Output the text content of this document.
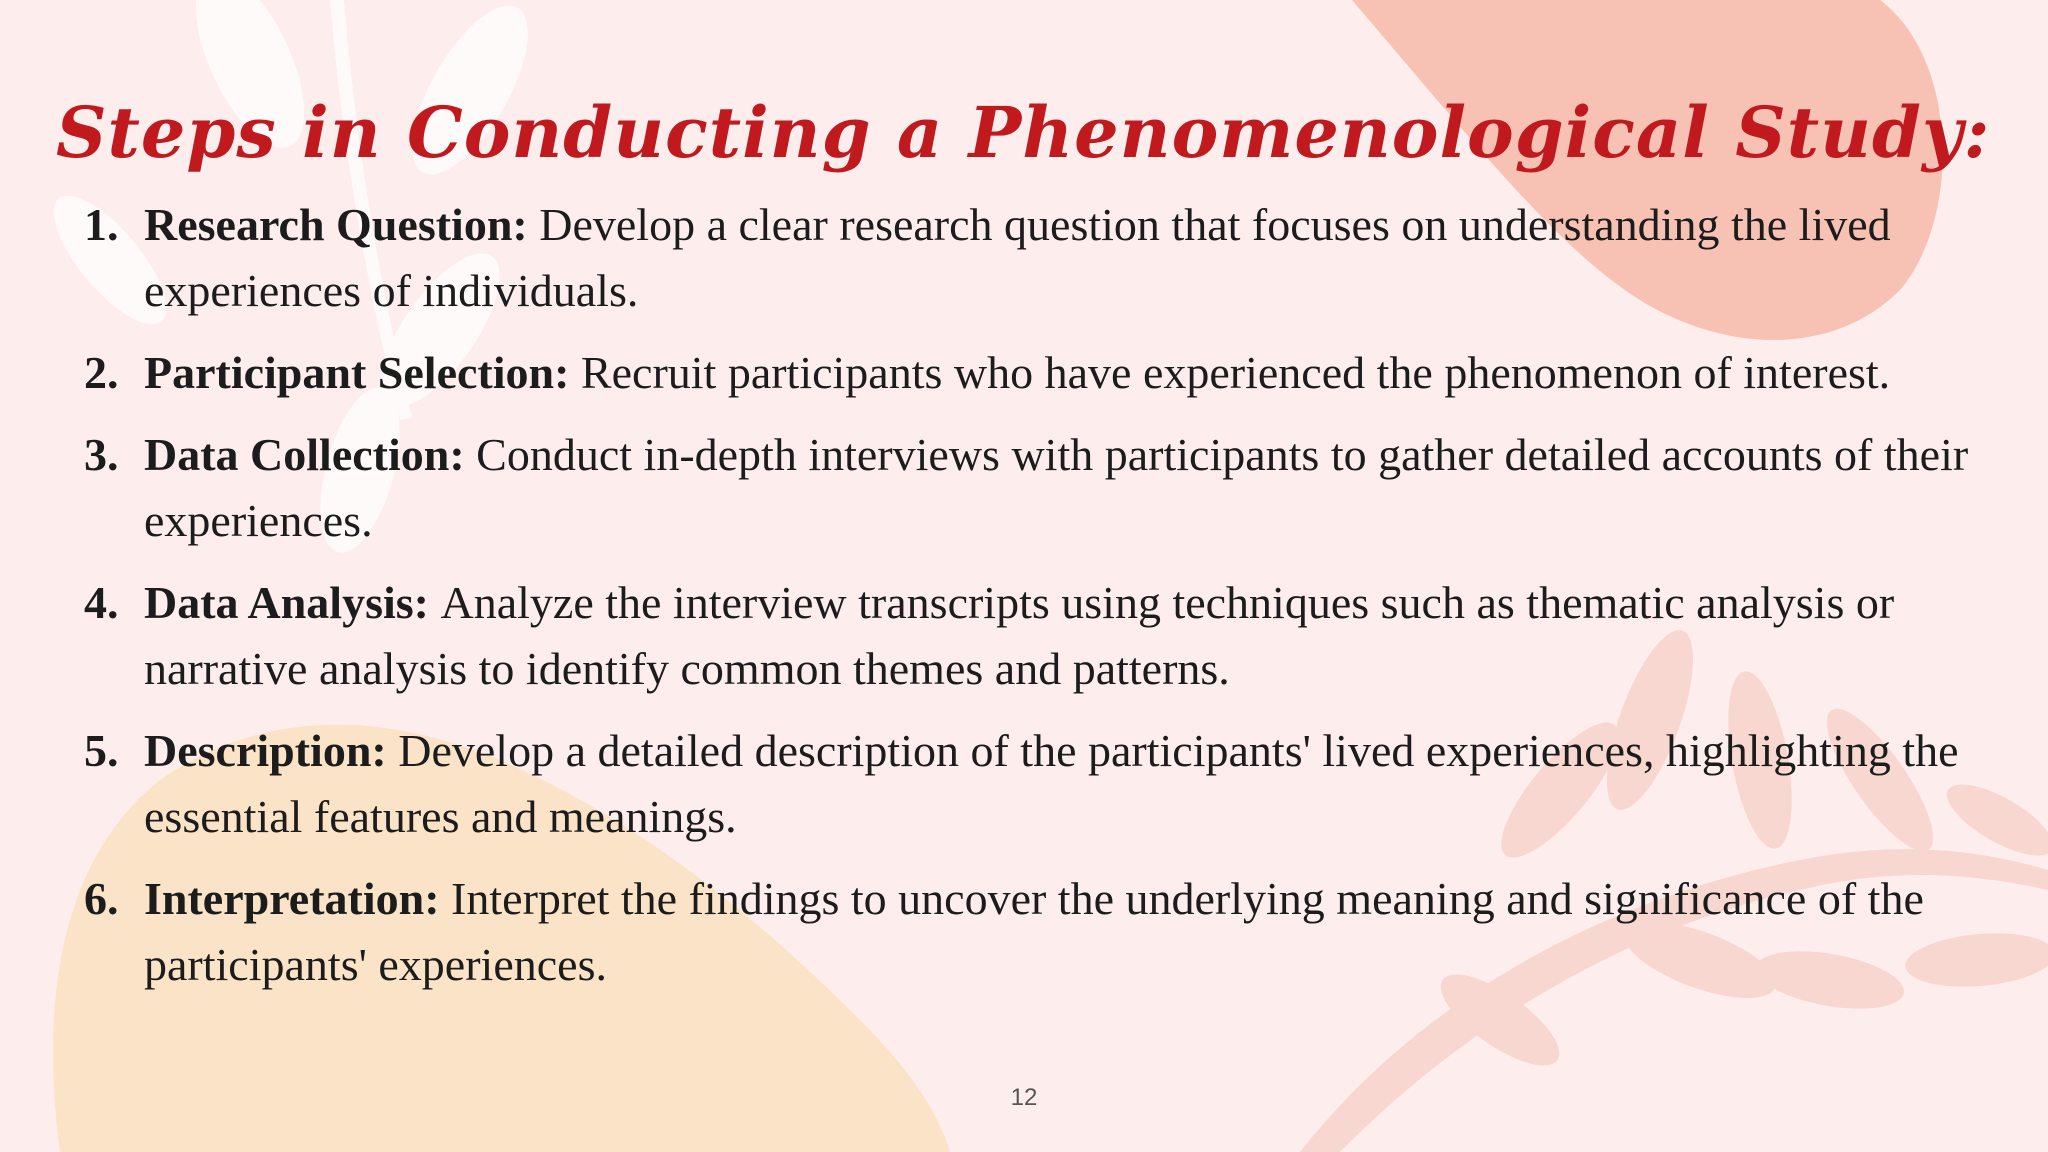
Steps in Conducting a Phenomenological Study:
1. Research Question: Develop a clear research question that focuses on understanding the lived experiences of individuals.
2. Participant Selection: Recruit participants who have experienced the phenomenon of interest.
3. Data Collection: Conduct in-depth interviews with participants to gather detailed accounts of their experiences.
4. Data Analysis: Analyze the interview transcripts using techniques such as thematic analysis or narrative analysis to identify common themes and patterns.
5. Description: Develop a detailed description of the participants' lived experiences, highlighting the essential features and meanings.
6. Interpretation: Interpret the findings to uncover the underlying meaning and significance of the participants' experiences.
12
